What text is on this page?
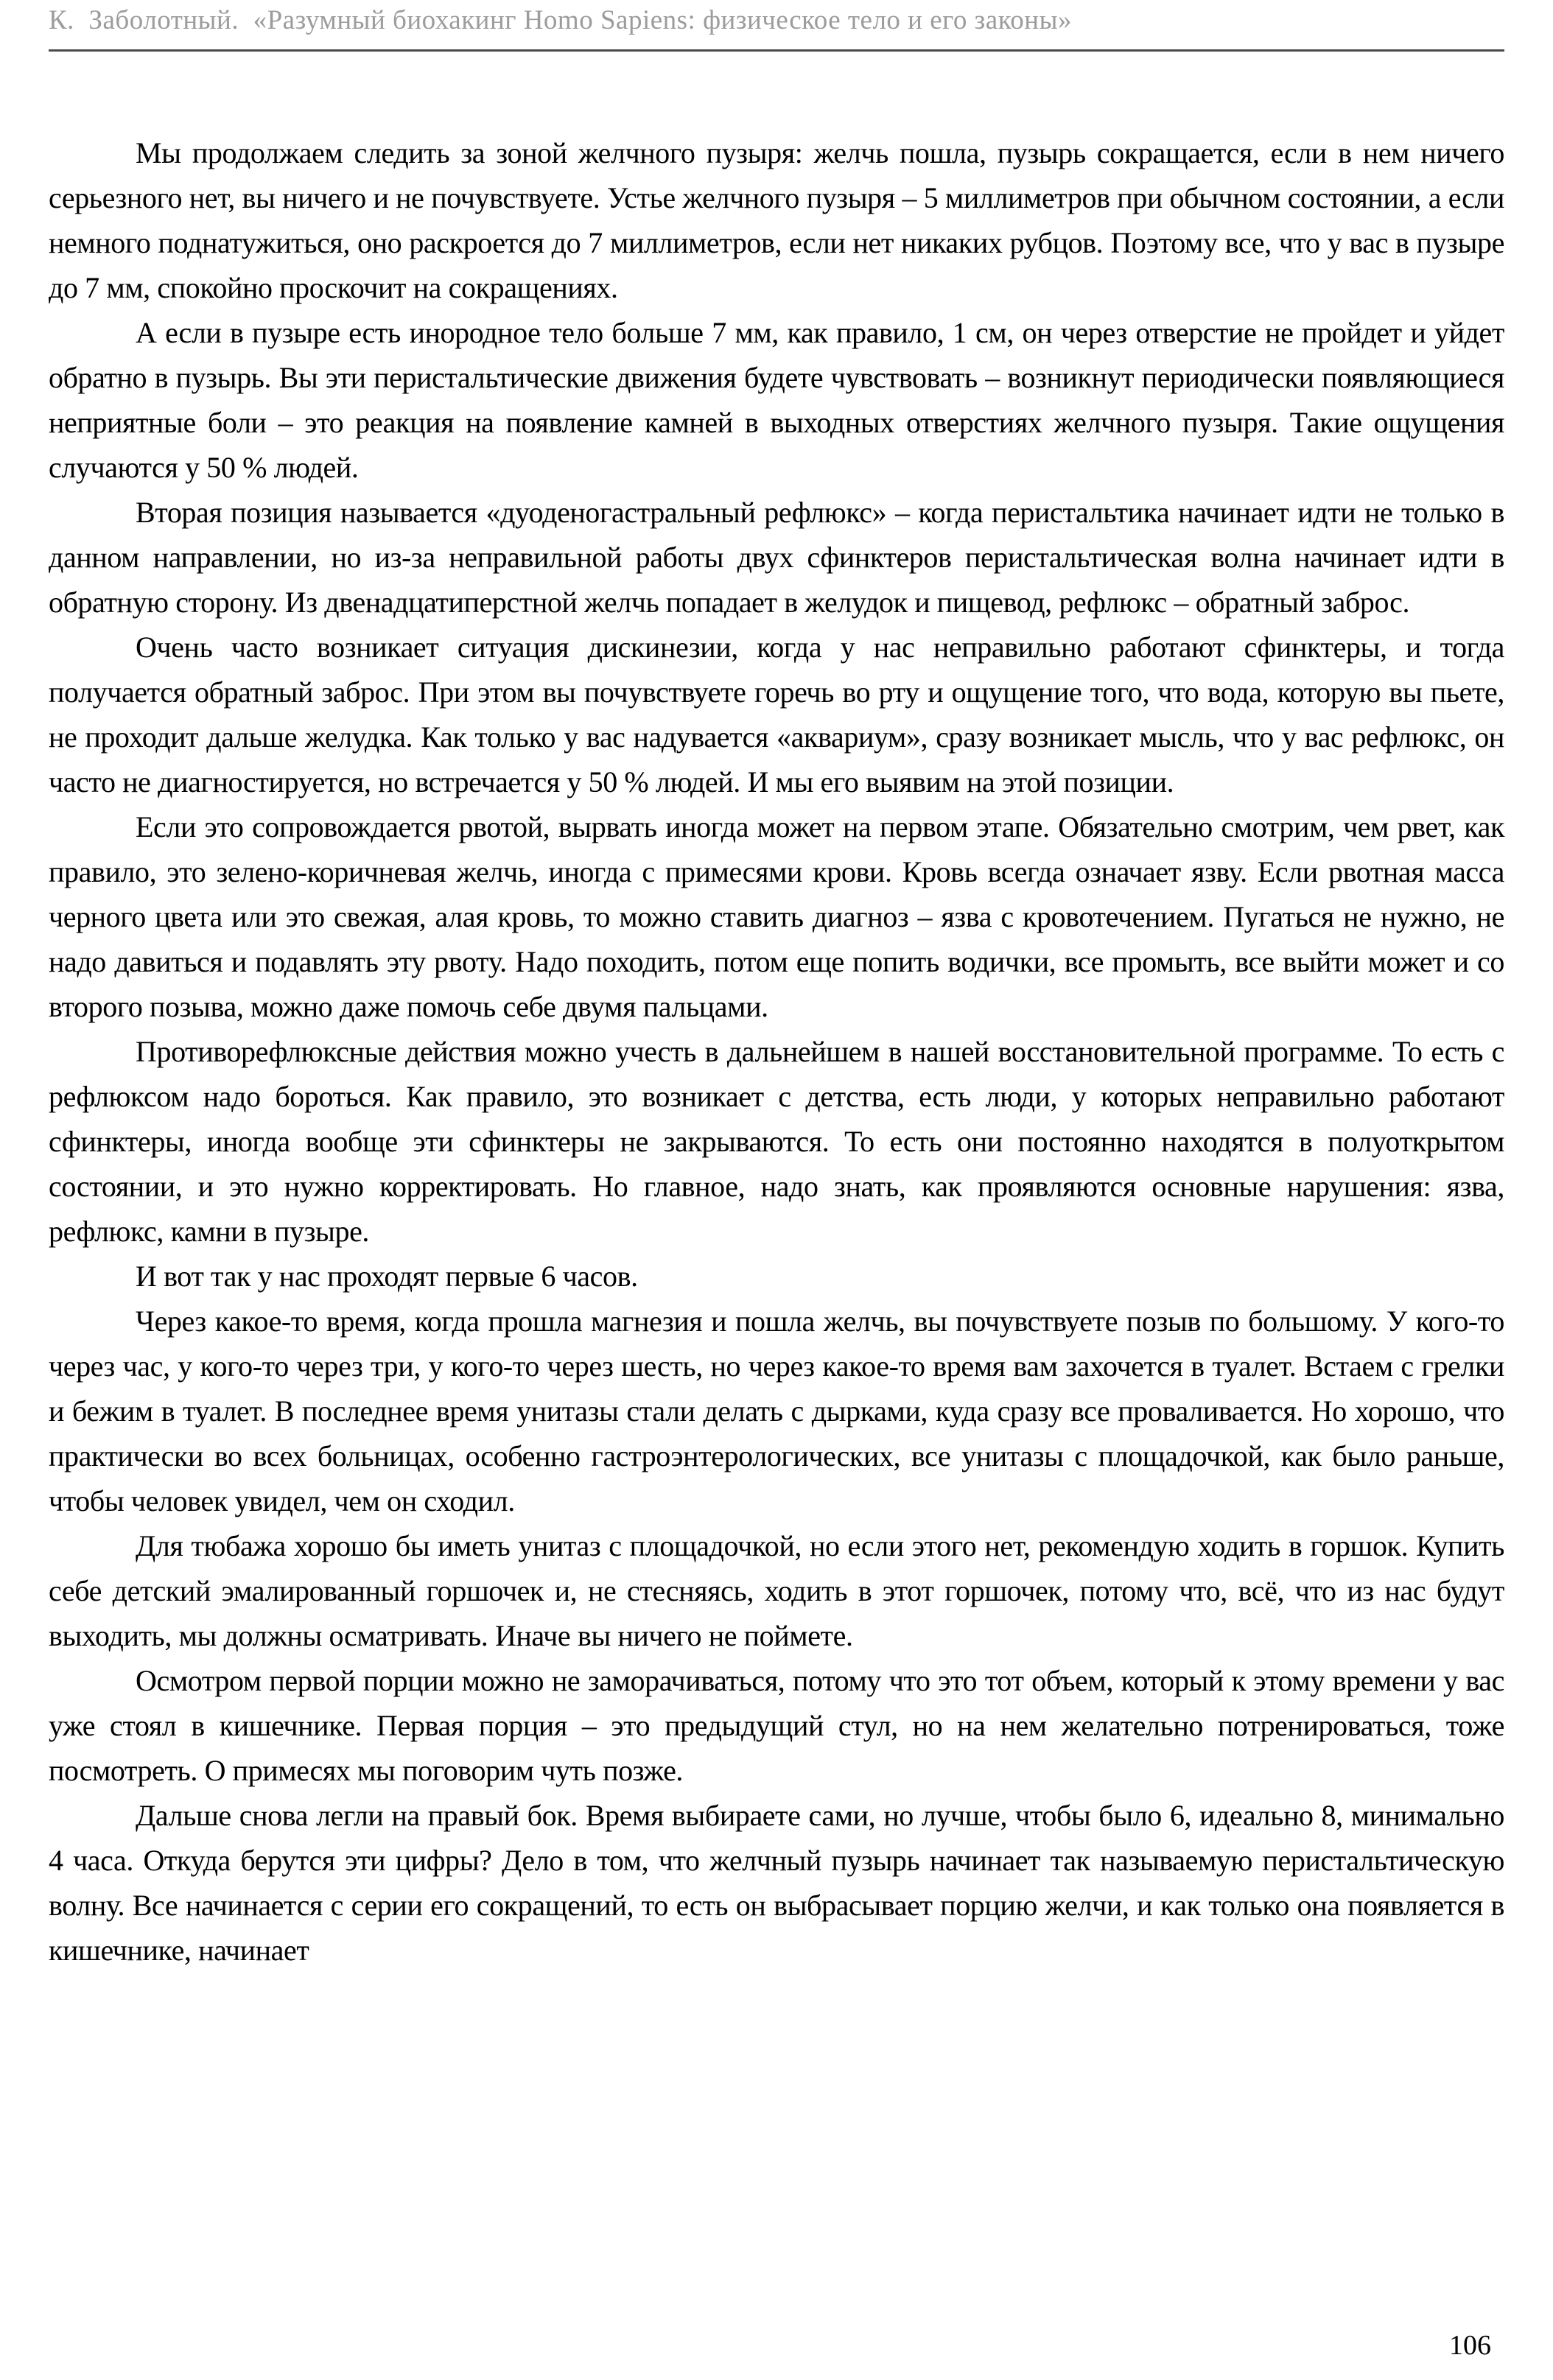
К.  Заболотный.  «Разумный биохакинг Homo Sapiens: физическое тело и его законы»

Мы продолжаем следить за зоной желчного пузыря: желчь пошла, пузырь сокращается, если в нем ничего серьезного нет, вы ничего и не почувствуете. Устье желчного пузыря – 5 миллиметров при обычном состоянии, а если немного поднатужиться, оно раскроется до 7 миллиметров, если нет никаких рубцов. Поэтому все, что у вас в пузыре до 7 мм, спокойно проскочит на сокращениях.

А если в пузыре есть инородное тело больше 7 мм, как правило, 1 см, он через отверстие не пройдет и уйдет обратно в пузырь. Вы эти перистальтические движения будете чувствовать – возникнут периодически появляющиеся неприятные боли – это реакция на появление камней в выходных отверстиях желчного пузыря. Такие ощущения случаются у 50 % людей.

Вторая позиция называется «дуоденогастральный рефлюкс» – когда перистальтика начинает идти не только в данном направлении, но из-за неправильной работы двух сфинктеров перистальтическая волна начинает идти в обратную сторону. Из двенадцатиперстной желчь попадает в желудок и пищевод, рефлюкс – обратный заброс.

Очень часто возникает ситуация дискинезии, когда у нас неправильно работают сфинктеры, и тогда получается обратный заброс. При этом вы почувствуете горечь во рту и ощущение того, что вода, которую вы пьете, не проходит дальше желудка. Как только у вас надувается «аквариум», сразу возникает мысль, что у вас рефлюкс, он часто не диагностируется, но встречается у 50 % людей. И мы его выявим на этой позиции.

Если это сопровождается рвотой, вырвать иногда может на первом этапе. Обязательно смотрим, чем рвет, как правило, это зелено-коричневая желчь, иногда с примесями крови. Кровь всегда означает язву. Если рвотная масса черного цвета или это свежая, алая кровь, то можно ставить диагноз – язва с кровотечением. Пугаться не нужно, не надо давиться и подавлять эту рвоту. Надо походить, потом еще попить водички, все промыть, все выйти может и со второго позыва, можно даже помочь себе двумя пальцами.

Противорефлюксные действия можно учесть в дальнейшем в нашей восстановительной программе. То есть с рефлюксом надо бороться. Как правило, это возникает с детства, есть люди, у которых неправильно работают сфинктеры, иногда вообще эти сфинктеры не закрываются. То есть они постоянно находятся в полуоткрытом состоянии, и это нужно корректировать. Но главное, надо знать, как проявляются основные нарушения: язва, рефлюкс, камни в пузыре.

И вот так у нас проходят первые 6 часов.

Через какое-то время, когда прошла магнезия и пошла желчь, вы почувствуете позыв по большому. У кого-то через час, у кого-то через три, у кого-то через шесть, но через какое-то время вам захочется в туалет. Встаем с грелки и бежим в туалет. В последнее время унитазы стали делать с дырками, куда сразу все проваливается. Но хорошо, что практически во всех больницах, особенно гастроэнтерологических, все унитазы с площадочкой, как было раньше, чтобы человек увидел, чем он сходил.

Для тюбажа хорошо бы иметь унитаз с площадочкой, но если этого нет, рекомендую ходить в горшок. Купить себе детский эмалированный горшочек и, не стесняясь, ходить в этот горшочек, потому что, всё, что из нас будут выходить, мы должны осматривать. Иначе вы ничего не поймете.

Осмотром первой порции можно не заморачиваться, потому что это тот объем, который к этому времени у вас уже стоял в кишечнике. Первая порция – это предыдущий стул, но на нем желательно потренироваться, тоже посмотреть. О примесях мы поговорим чуть позже.

Дальше снова легли на правый бок. Время выбираете сами, но лучше, чтобы было 6, идеально 8, минимально 4 часа. Откуда берутся эти цифры? Дело в том, что желчный пузырь начинает так называемую перистальтическую волну. Все начинается с серии его сокращений, то есть он выбрасывает порцию желчи, и как только она появляется в кишечнике, начинает

106
